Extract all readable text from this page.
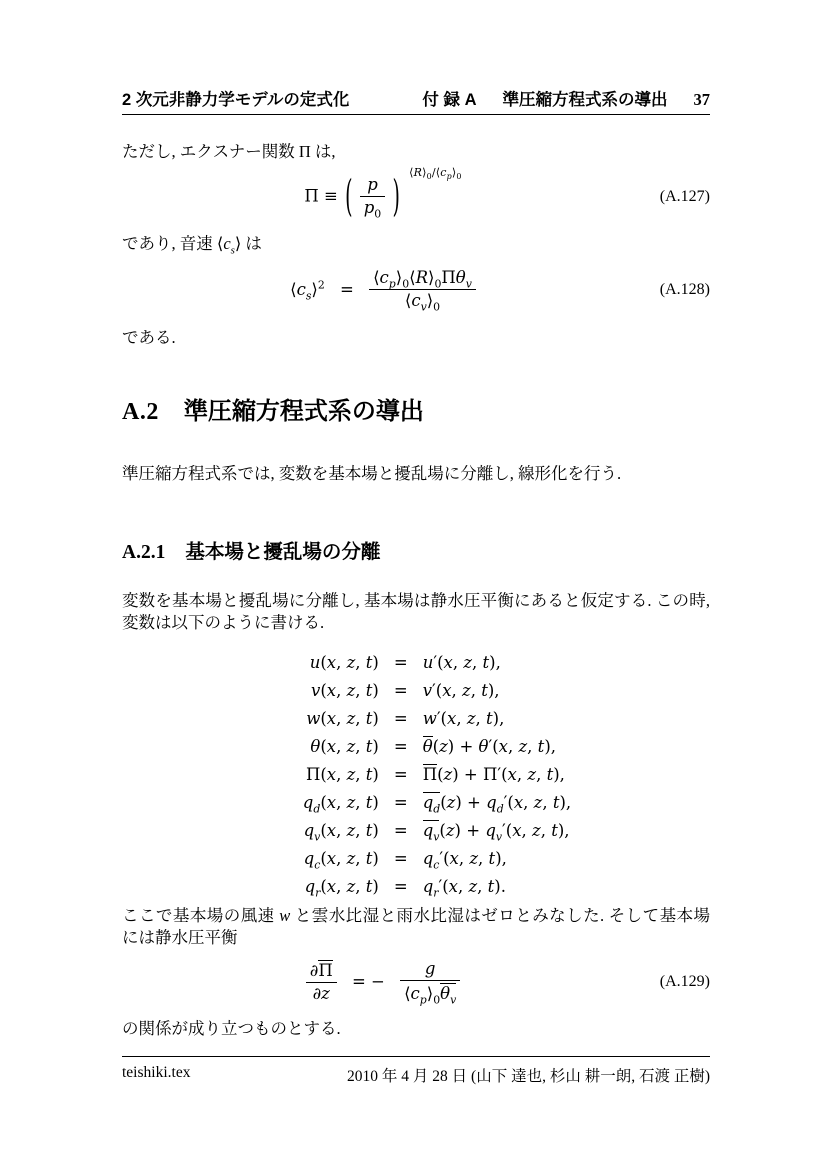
2 次元非静力学モデルの定式化	付 録 A 準圧縮方程式系の導出 37
ただし, エクスナー関数 Π は,
Π ≡ ( $\frac{p}{p_0}$ ) $^{⟨R⟩_0/⟨c_p⟩_0}$
(A.127)
であり, 音速 $⟨c_s⟩$ は
$⟨c_s⟩^2 = \frac{⟨c_p⟩_0⟨R⟩_0\Pi\theta_v}{⟨c_v⟩_0}$	(A.128)
である.
A.2 準圧縮方程式系の導出
準圧縮方程式系では, 変数を基本場と擾乱場に分離し, 線形化を行う.
A.2.1 基本場と擾乱場の分離
変数を基本場と擾乱場に分離し, 基本場は静水圧平衡にあると仮定する. この時, 変数は以下のように書ける.
u(x, z, t)	=	u′(x, z, t),
v(x, z, t)	=	v′(x, z, t),
w(x, z, t)	=	w′(x, z, t),
θ(x, z, t)	=	θ(z) + θ′(x, z, t),
Π(x, z, t)	=	Π(z) + Π′(x, z, t),
$q_d(x$, z, t)	=	$q_d(z) + q_d'(x$, z, t),
$q_v(x$, z, t)	=	$q_v(z) + q_v'(x$, z, t),
$q_c(x$, z, t)	=	$q_c'(x$, z, t),
$q_r(x$, z, t)	=	$q_r'(x$, z, t).
ここで基本場の風速 w と雲水比湿と雨水比湿はゼロとみなした. そして基本場には静水圧平衡
$\frac{\partial\Pi}{\partial z}$ = − $\frac{g}{⟨c_p⟩_0\theta_v}$	(A.129)
の関係が成り立つものとする.
teishiki.tex	2010 年 4 月 28 日 (山下 達也, 杉山 耕一朗, 石渡 正樹)
